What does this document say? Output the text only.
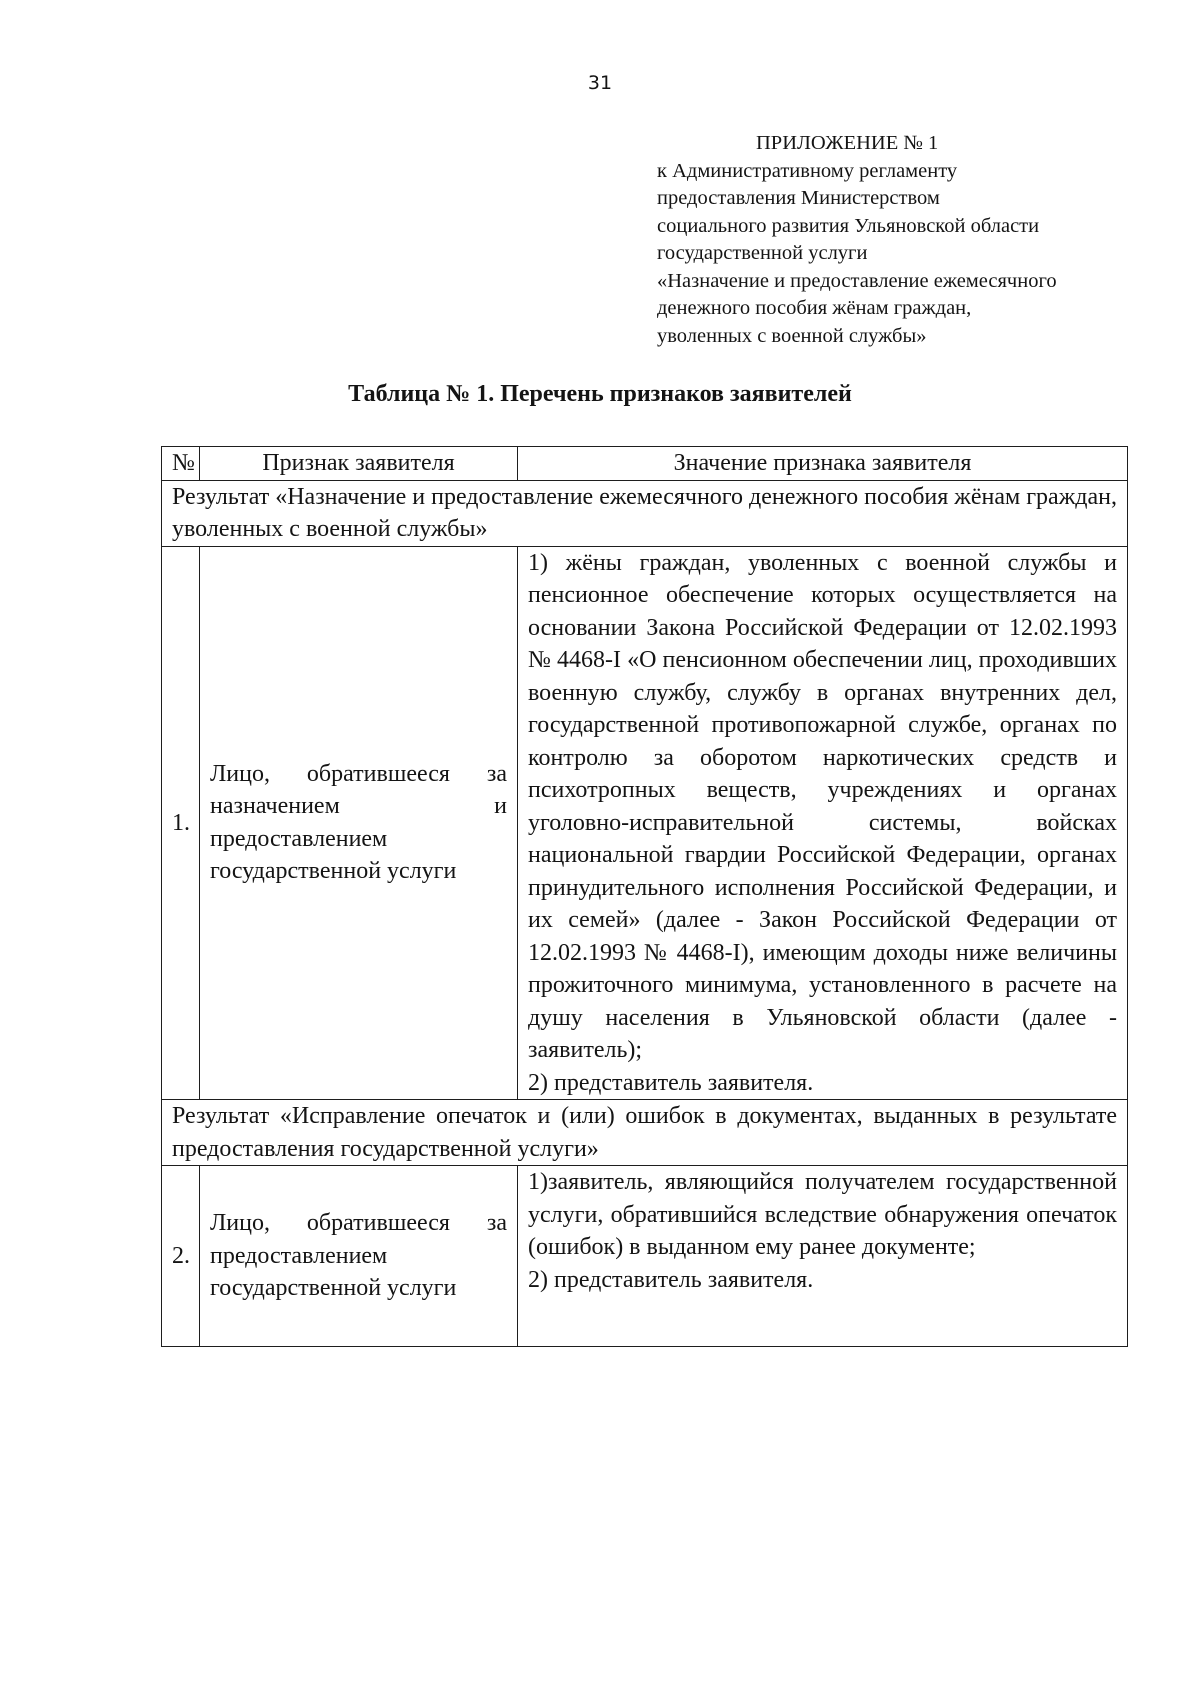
31
ПРИЛОЖЕНИЕ № 1
к Административному регламенту
предоставления Министерством
социального развития Ульяновской области
государственной услуги
«Назначение и предоставление ежемесячного
денежного пособия жёнам граждан,
уволенных с военной службы»
Таблица № 1. Перечень признаков заявителей
№	Признак заявителя	Значение признака заявителя
Результат «Назначение и предоставление ежемесячного денежного пособия жёнам граждан, уволенных с военной службы»		
1.	Лицо, обратившееся за назначением и предоставлением государственной услуги	1) жёны граждан, уволенных с военной службы и пенсионное обеспечение которых осуществляется на основании Закона Российской Федерации от 12.02.1993 № 4468-I «О пенсионном обеспечении лиц, проходивших военную службу, службу в органах внутренних дел, государственной противопожарной службе, органах по контролю за оборотом наркотических средств и психотропных веществ, учреждениях и органах уголовно-исправительной системы, войсках национальной гвардии Российской Федерации, органах принудительного исполнения Российской Федерации, и их семей» (далее - Закон Российской Федерации от 12.02.1993 № 4468-I), имеющим доходы ниже величины прожиточного минимума, установленного в расчете на душу населения в Ульяновской области (далее - заявитель);
2) представитель заявителя.

Результат «Исправление опечаток и (или) ошибок в документах, выданных в результате предоставления государственной услуги»		
2.	Лицо, обратившееся за предоставлением государственной услуги	1)заявитель, являющийся получателем государственной услуги, обратившийся вследствие обнаружения опечаток (ошибок) в выданном ему ранее документе;
2) представитель заявителя.
